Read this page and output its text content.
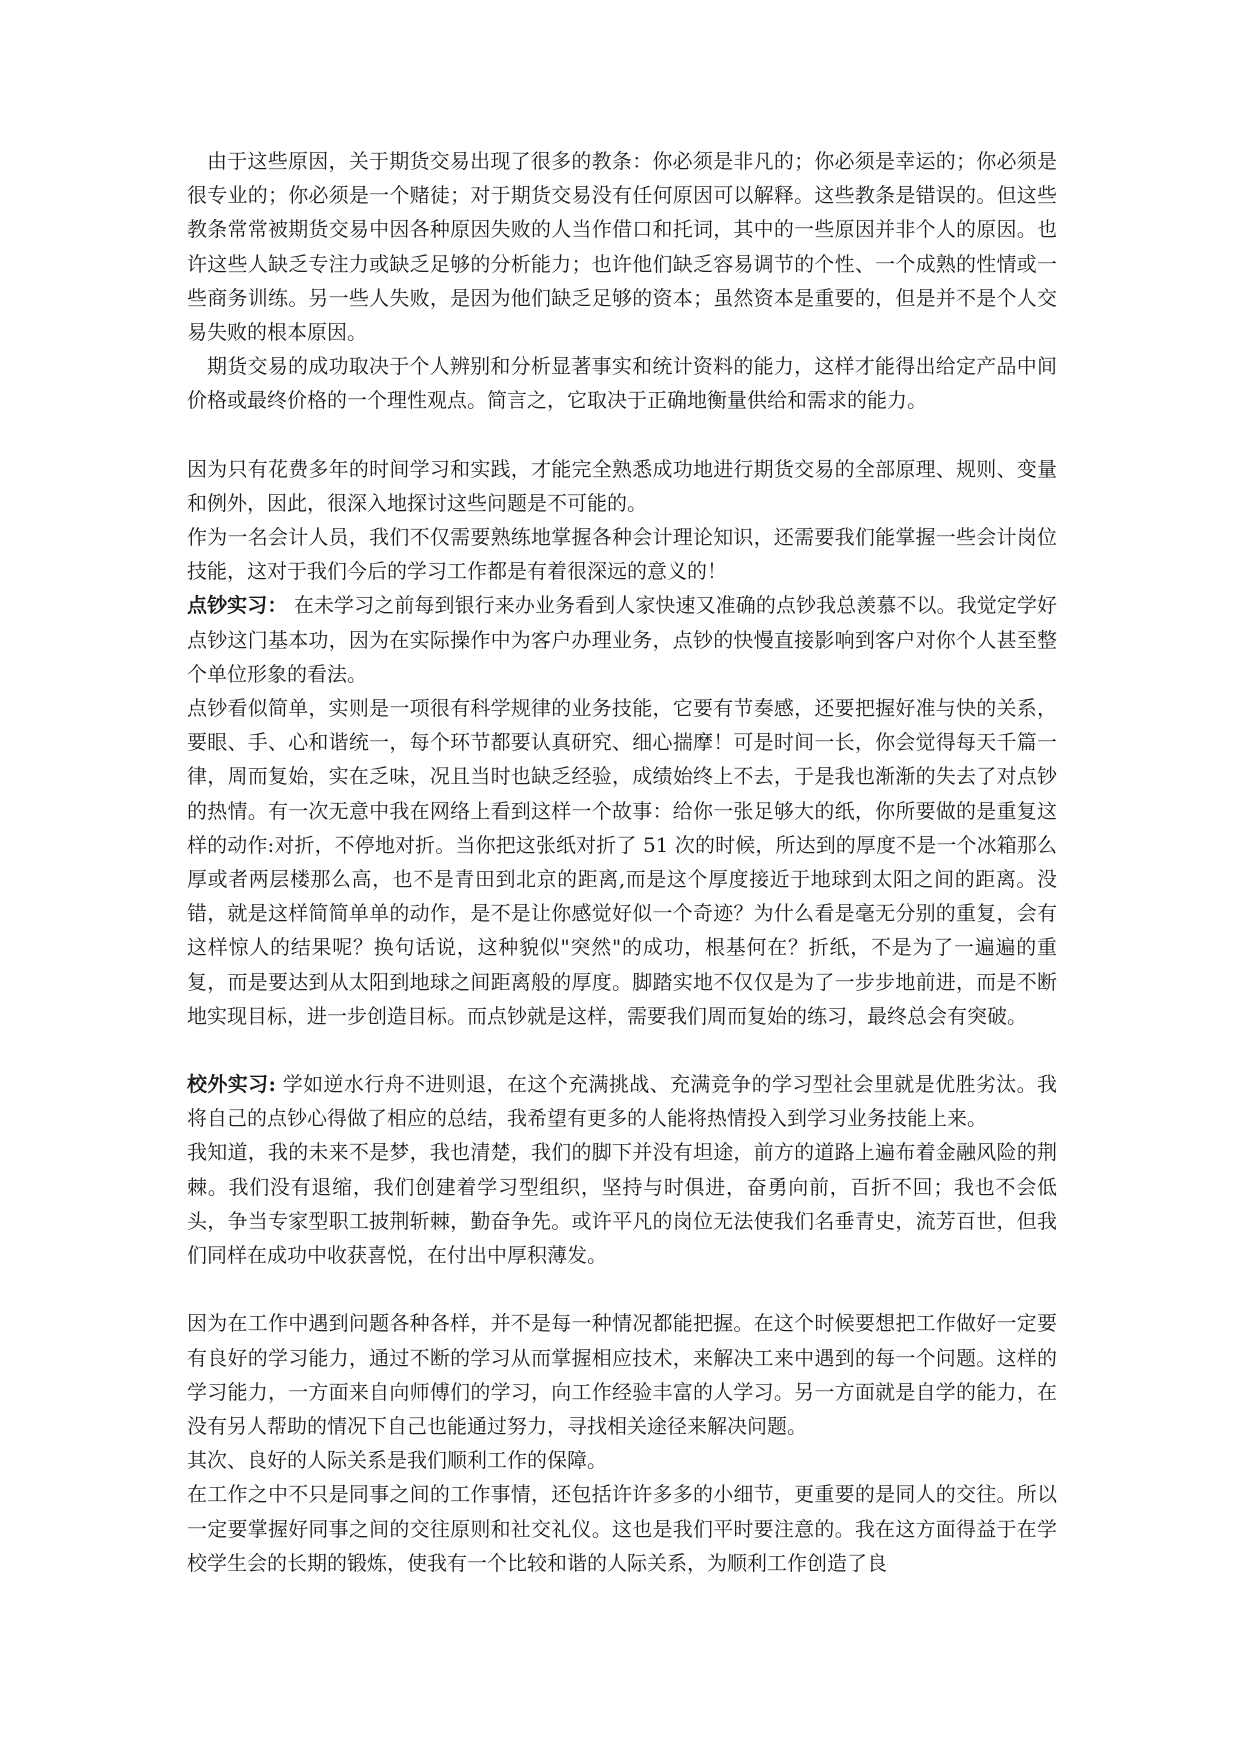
由于这些原因，关于期货交易出现了很多的教条：你必须是非凡的；你必须是幸运的；你必须是很专业的；你必须是一个赌徒；对于期货交易没有任何原因可以解释。这些教条是错误的。但这些教条常常被期货交易中因各种原因失败的人当作借口和托词，其中的一些原因并非个人的原因。也许这些人缺乏专注力或缺乏足够的分析能力；也许他们缺乏容易调节的个性、一个成熟的性情或一些商务训练。另一些人失败，是因为他们缺乏足够的资本；虽然资本是重要的，但是并不是个人交易失败的根本原因。

期货交易的成功取决于个人辨别和分析显著事实和统计资料的能力，这样才能得出给定产品中间价格或最终价格的一个理性观点。简言之，它取决于正确地衡量供给和需求的能力。

因为只有花费多年的时间学习和实践，才能完全熟悉成功地进行期货交易的全部原理、规则、变量和例外，因此，很深入地探讨这些问题是不可能的。

作为一名会计人员，我们不仅需要熟练地掌握各种会计理论知识，还需要我们能掌握一些会计岗位技能，这对于我们今后的学习工作都是有着很深远的意义的！

点钞实习： 在未学习之前每到银行来办业务看到人家快速又准确的点钞我总羡慕不以。我觉定学好点钞这门基本功，因为在实际操作中为客户办理业务，点钞的快慢直接影响到客户对你个人甚至整个单位形象的看法。

点钞看似简单，实则是一项很有科学规律的业务技能，它要有节奏感，还要把握好准与快的关系，要眼、手、心和谐统一，每个环节都要认真研究、细心揣摩！可是时间一长，你会觉得每天千篇一律，周而复始，实在乏味，况且当时也缺乏经验，成绩始终上不去，于是我也渐渐的失去了对点钞的热情。有一次无意中我在网络上看到这样一个故事：给你一张足够大的纸，你所要做的是重复这样的动作:对折，不停地对折。当你把这张纸对折了 51 次的时候，所达到的厚度不是一个冰箱那么厚或者两层楼那么高，也不是青田到北京的距离,而是这个厚度接近于地球到太阳之间的距离。没错，就是这样简简单单的动作，是不是让你感觉好似一个奇迹？为什么看是毫无分别的重复，会有这样惊人的结果呢？换句话说，这种貌似"突然"的成功，根基何在？折纸，不是为了一遍遍的重复，而是要达到从太阳到地球之间距离般的厚度。脚踏实地不仅仅是为了一步步地前进，而是不断地实现目标，进一步创造目标。而点钞就是这样，需要我们周而复始的练习，最终总会有突破。

校外实习: 学如逆水行舟不进则退，在这个充满挑战、充满竞争的学习型社会里就是优胜劣汰。我将自己的点钞心得做了相应的总结，我希望有更多的人能将热情投入到学习业务技能上来。

我知道，我的未来不是梦，我也清楚，我们的脚下并没有坦途，前方的道路上遍布着金融风险的荆棘。我们没有退缩，我们创建着学习型组织，坚持与时俱进，奋勇向前，百折不回；我也不会低头，争当专家型职工披荆斩棘，勤奋争先。或许平凡的岗位无法使我们名垂青史，流芳百世，但我们同样在成功中收获喜悦，在付出中厚积薄发。

因为在工作中遇到问题各种各样，并不是每一种情况都能把握。在这个时候要想把工作做好一定要有良好的学习能力，通过不断的学习从而掌握相应技术，来解决工来中遇到的每一个问题。这样的学习能力，一方面来自向师傅们的学习，向工作经验丰富的人学习。另一方面就是自学的能力，在没有另人帮助的情况下自己也能通过努力，寻找相关途径来解决问题。

其次、良好的人际关系是我们顺利工作的保障。

在工作之中不只是同事之间的工作事情，还包括许许多多的小细节，更重要的是同人的交往。所以一定要掌握好同事之间的交往原则和社交礼仪。这也是我们平时要注意的。我在这方面得益于在学校学生会的长期的锻炼，使我有一个比较和谐的人际关系，为顺利工作创造了良
